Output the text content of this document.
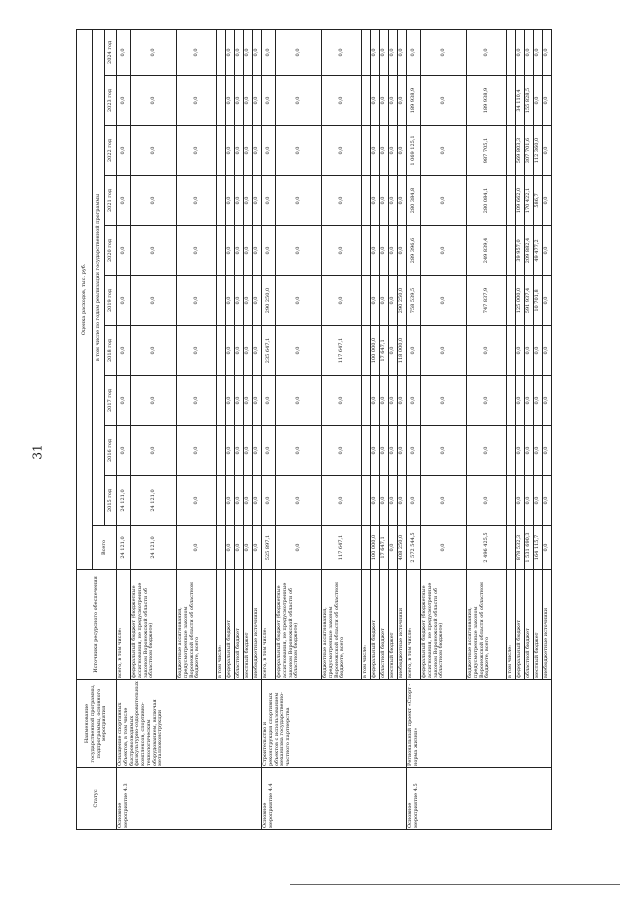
31
Статус	Наименование государственной программы, подпрограммы, основного мероприятия	Источники ресурсного обеспечения	Оценка расходов, тыс. руб.										
			Всего	в том числе по годам реализации государственной программы									
				2015 год	2016 год	2017 год	2018 год	2019 год	2020 год	2021 год	2022 год	2023 год	2024 год
Основное мероприятие 4.3	Оснащение спортивных объектов, в том числе быстровозводимых физкультурно-оздоровительных комплексов, спортивно-технологическим оборудованием, включая металлоконструкции	всего, в том числе:	24 121,0	24 121,0	0,0	0,0	0,0	0,0	0,0	0,0	0,0	0,0	0,0
		федеральный бюджет (бюджетные ассигнования, не предусмотренные законом Воронежской области об областном бюджете)	24 121,0	24 121,0	0,0	0,0	0,0	0,0	0,0	0,0	0,0	0,0	0,0
		бюджетные ассигнования, предусмотренные законом Воронежской области об областном бюджете, всего	0,0	0,0	0,0	0,0	0,0	0,0	0,0	0,0	0,0	0,0	0,0
		в том числе:											
		федеральный бюджет	0,0	0,0	0,0	0,0	0,0	0,0	0,0	0,0	0,0	0,0	0,0
		областной бюджет	0,0	0,0	0,0	0,0	0,0	0,0	0,0	0,0	0,0	0,0	0,0
		местный бюджет	0,0	0,0	0,0	0,0	0,0	0,0	0,0	0,0	0,0	0,0	0,0
		внебюджетные источники	0,0	0,0	0,0	0,0	0,0	0,0	0,0	0,0	0,0	0,0	0,0
Основное мероприятие 4.4	Строительство и реконструкция спортивных объектов с использованием механизма государственно-частного партнерства	всего, в том числе:	525 897,1	0,0	0,0	0,0	235 647,1	290 250,0	0,0	0,0	0,0	0,0	0,0
		федеральный бюджет (бюджетные ассигнования, не предусмотренные законом Воронежской области об областном бюджете)	0,0	0,0	0,0	0,0	0,0	0,0	0,0	0,0	0,0	0,0	0,0
		бюджетные ассигнования, предусмотренные законом Воронежской области об областном бюджете, всего	117 647,1	0,0	0,0	0,0	117 647,1	0,0	0,0	0,0	0,0	0,0	0,0
		в том числе:											
		федеральный бюджет	100 000,0	0,0	0,0	0,0	100 000,0	0,0	0,0	0,0	0,0	0,0	0,0
		областной бюджет	17 647,1	0,0	0,0	0,0	17 647,1	0,0	0,0	0,0	0,0	0,0	0,0
		местный бюджет	0,0	0,0	0,0	0,0	0,0	0,0	0,0	0,0	0,0	0,0	0,0
		внебюджетные источники	408 250,0	0,0	0,0	0,0	118 000,0	290 250,0	0,0	0,0	0,0	0,0	0,0
Основное мероприятие 4.5	Региональный проект «Спорт - норма жизни»	всего, в том числе:	2 572 544,5	0,0	0,0	0,0	0,0	758 539,5	289 396,6	280 384,8	1 069 125,1	189 938,9	0,0
		федеральный бюджет (бюджетные ассигнования, не предусмотренные законом Воронежской области об областном бюджете)	0,0	0,0	0,0	0,0	0,0	0,0	0,0	0,0	0,0	0,0	0,0
		бюджетные ассигнования, предусмотренные законом Воронежской области об областном бюджете, всего	2 496 425,5	0,0	0,0	0,0	0,0	747 837,9	249 839,4	280 084,1	987 705,1	189 938,9	0,0
		в том числе:											
		федеральный бюджет	878 532,3	0,0	0,0	0,0	0,0	125 000,0	39 957,0	109 662,0	569 803,3	34 110,4	0,0
		областной бюджет	1 531 690,3	0,0	0,0	0,0	0,0	591 937,4	209 882,4	170 422,1	307 701,6	155 828,5	0,0
		местный бюджет	164 115,7	0,0	0,0	0,0	0,0	10 701,8	49 477,2	586,7	112 360,0	0,0	0,0
		внебюджетные источники	0,0	0,0	0,0	0,0	0,0	0,0	0,0	0,0	0,0	0,0	0,0
